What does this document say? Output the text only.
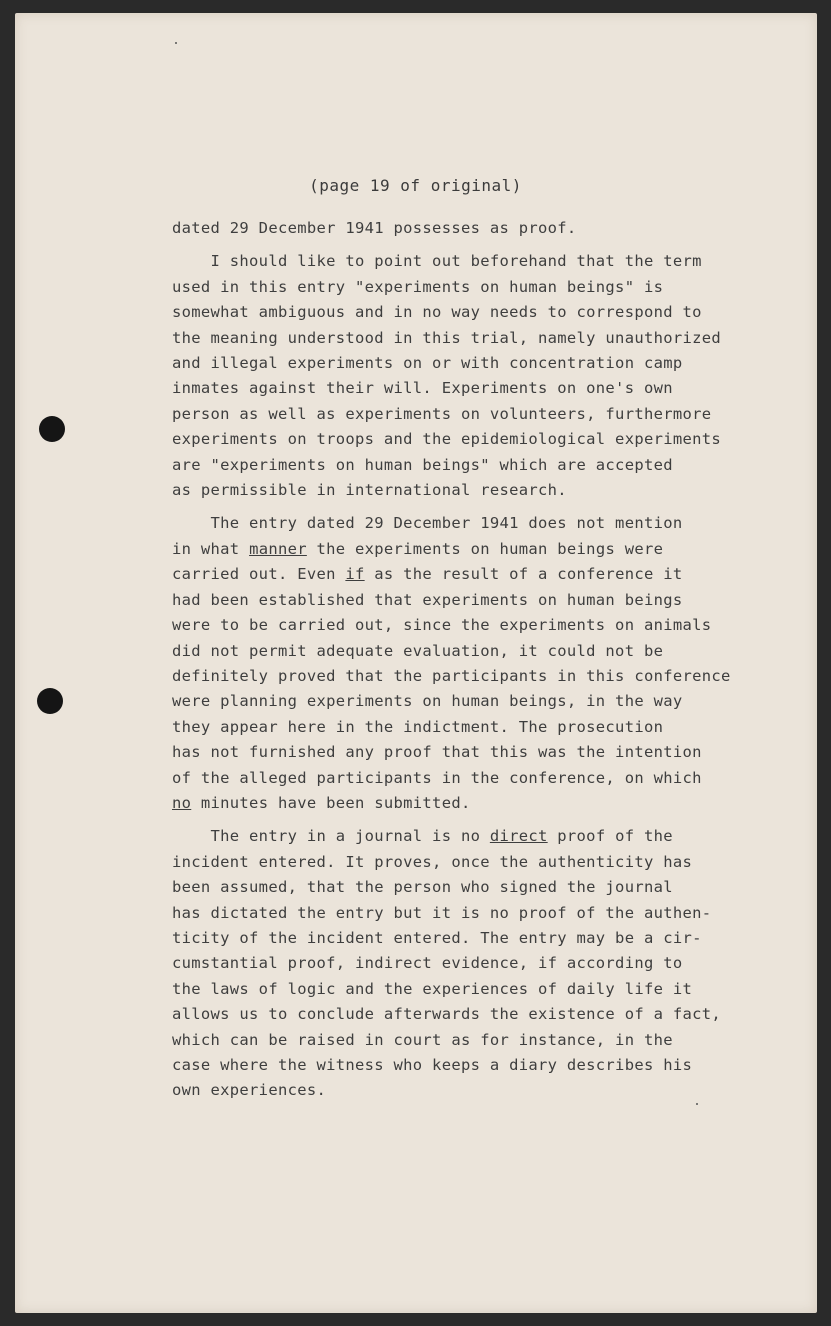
(page 19 of original)
dated 29 December 1941 possesses as proof.
I should like to point out beforehand that the term
used in this entry "experiments on human beings" is
somewhat ambiguous and in no way needs to correspond to
the meaning understood in this trial, namely unauthorized
and illegal experiments on or with concentration camp
inmates against their will. Experiments on one's own
person as well as experiments on volunteers, furthermore
experiments on troops and the epidemiological experiments
are "experiments on human beings" which are accepted
as permissible in international research.
The entry dated 29 December 1941 does not mention
in what manner the experiments on human beings were
carried out. Even if as the result of a conference it
had been established that experiments on human beings
were to be carried out, since the experiments on animals
did not permit adequate evaluation, it could not be
definitely proved that the participants in this conference
were planning experiments on human beings, in the way
they appear here in the indictment. The prosecution
has not furnished any proof that this was the intention
of the alleged participants in the conference, on which
no minutes have been submitted.
The entry in a journal is no direct proof of the
incident entered. It proves, once the authenticity has
been assumed, that the person who signed the journal
has dictated the entry but it is no proof of the authen-
ticity of the incident entered. The entry may be a cir-
cumstantial proof, indirect evidence, if according to
the laws of logic and the experiences of daily life it
allows us to conclude afterwards the existence of a fact,
which can be raised in court as for instance, in the
case where the witness who keeps a diary describes his
own experiences.
